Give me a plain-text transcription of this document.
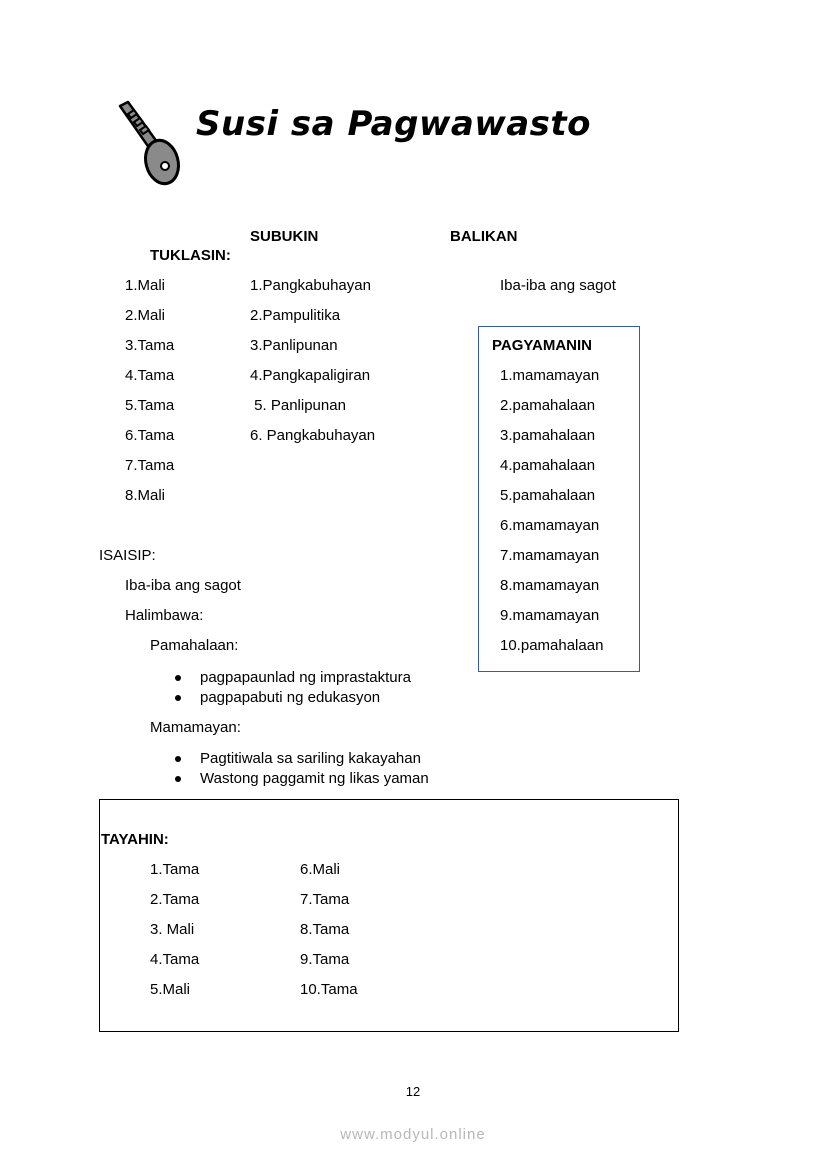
Susi sa Pagwawasto
SUBUKIN	BALIKAN
TUKLASIN:
1.Mali
2.Mali
3.Tama
4.Tama
5.Tama
6.Tama
7.Tama
8.Mali
1.Pangkabuhayan
2.Pampulitika
3.Panlipunan
4.Pangkapaligiran
5. Panlipunan
6. Pangkabuhayan
Iba-iba ang sagot
PAGYAMANIN
1.mamamayan
2.pamahalaan
3.pamahalaan
4.pamahalaan
5.pamahalaan
6.mamamayan
7.mamamayan
8.mamamayan
9.mamamayan
10.pamahalaan
ISAISIP:
Iba-iba ang sagot
Halimbawa:
Pamahalaan:
pagpapaunlad ng imprastaktura
pagpapabuti ng edukasyon
Mamamayan:
Pagtitiwala sa sariling kakayahan
Wastong paggamit ng likas yaman
TAYAHIN:
1.Tama
2.Tama
3. Mali
4.Tama
5.Mali
6.Mali
7.Tama
8.Tama
9.Tama
10.Tama
12
www.modyul.online
